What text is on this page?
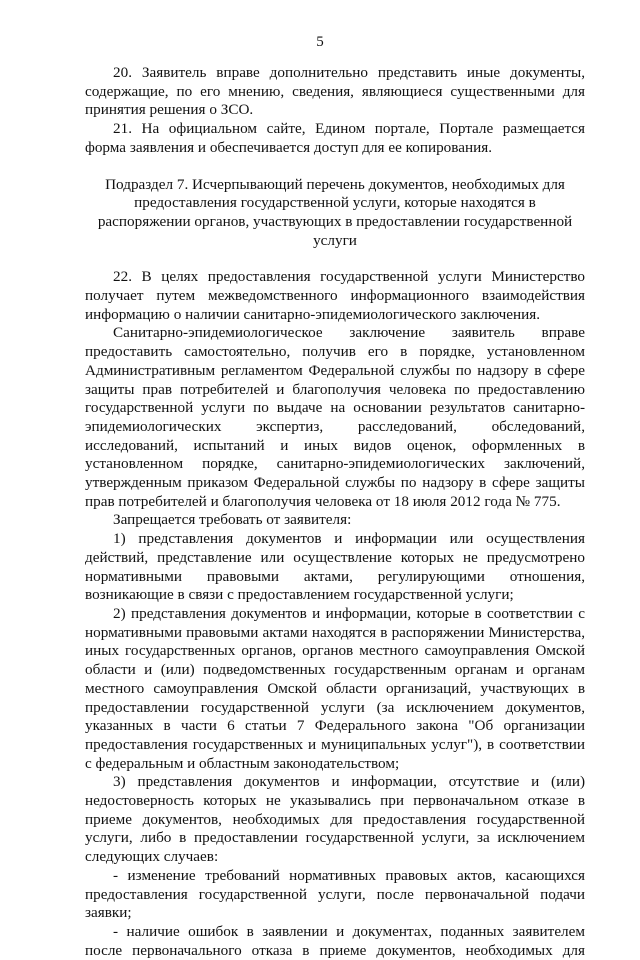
5

20. Заявитель вправе дополнительно представить иные документы, содержащие, по его мнению, сведения, являющиеся существенными для принятия решения о ЗСО.

21. На официальном сайте, Едином портале, Портале размещается форма заявления и обеспечивается доступ для ее копирования.

Подраздел 7. Исчерпывающий перечень документов, необходимых для предоставления государственной услуги, которые находятся в распоряжении органов, участвующих в предоставлении государственной услуги

22. В целях предоставления государственной услуги Министерство получает путем межведомственного информационного взаимодействия информацию о наличии санитарно-эпидемиологического заключения.

Санитарно-эпидемиологическое заключение заявитель вправе предоставить самостоятельно, получив его в порядке, установленном Административным регламентом Федеральной службы по надзору в сфере защиты прав потребителей и благополучия человека по предоставлению государственной услуги по выдаче на основании результатов санитарно-эпидемиологических экспертиз, расследований, обследований, исследований, испытаний и иных видов оценок, оформленных в установленном порядке, санитарно-эпидемиологических заключений, утвержденным приказом Федеральной службы по надзору в сфере защиты прав потребителей и благополучия человека от 18 июля 2012 года № 775.

Запрещается требовать от заявителя:

1) представления документов и информации или осуществления действий, представление или осуществление которых не предусмотрено нормативными правовыми актами, регулирующими отношения, возникающие в связи с предоставлением государственной услуги;

2) представления документов и информации, которые в соответствии с нормативными правовыми актами находятся в распоряжении Министерства, иных государственных органов, органов местного самоуправления Омской области и (или) подведомственных государственным органам и органам местного самоуправления Омской области организаций, участвующих в предоставлении государственной услуги (за исключением документов, указанных в части 6 статьи 7 Федерального закона "Об организации предоставления государственных и муниципальных услуг"), в соответствии с федеральным и областным законодательством;

3) представления документов и информации, отсутствие и (или) недостоверность которых не указывались при первоначальном отказе в приеме документов, необходимых для предоставления государственной услуги, либо в предоставлении государственной услуги, за исключением следующих случаев:

- изменение требований нормативных правовых актов, касающихся предоставления государственной услуги, после первоначальной подачи заявки;

- наличие ошибок в заявлении и документах, поданных заявителем после первоначального отказа в приеме документов, необходимых для
